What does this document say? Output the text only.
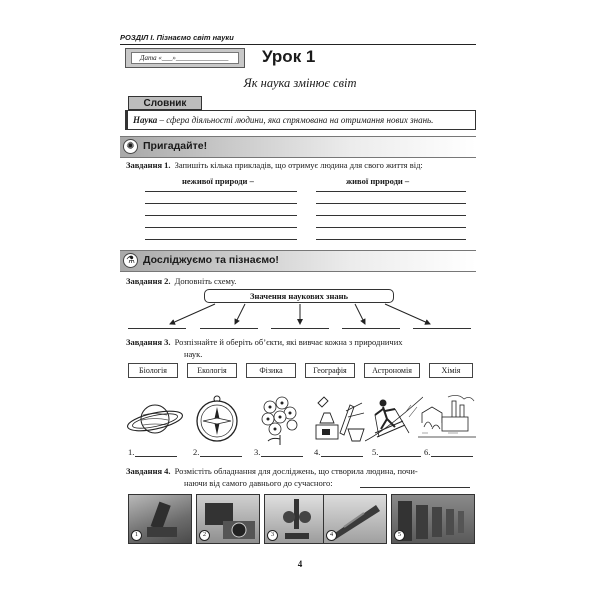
РОЗДІЛ І. Пізнаємо світ науки
Дата «___»_______________	Урок 1
Як наука змінює світ
Словник
Наука – сфера діяльності людини, яка спрямована на отримання нових знань.
✺ Пригадайте!
Завдання 1. Запишіть кілька прикладів, що отримує людина для свого життя від:
неживої природи –	живої природи –
⚗ Досліджуємо та пізнаємо!
Завдання 2. Доповніть схему.
Значення наукових знань
Завдання 3. Розпізнайте й оберіть об’єкти, які вивчає кожна з природничих
наук.
Біологія	Екологія	Фізика	Географія	Астрономія	Хімія
1.	2.	3.	4.	5.	6.
Завдання 4. Розмістіть обладнання для досліджень, що створила людина, почи-
наючи від самого давнього до сучасного:
1	2	3	4	5
4
